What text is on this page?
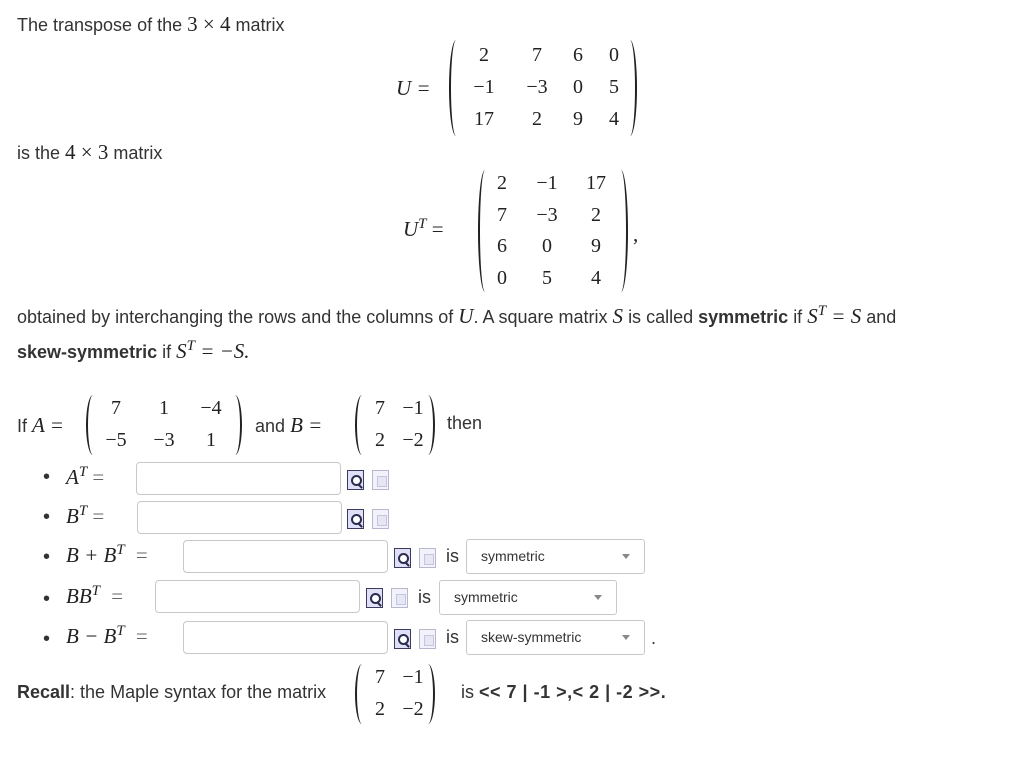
The transpose of the 3 × 4 matrix
U =
2 7 6 0
−1 −3 0 5
17 2 9 4
is the 4 × 3 matrix
$U^T$ =
2 −1 17
7 −3 2
6 0 9
0 5 4
,
obtained by interchanging the rows and the columns of U. A square matrix S is called symmetric if $S^T = S$ and
skew-symmetric if $S^T = -S$.
If A =
7 1 −4
−5 −3 1
and B =
7 −1
2 −2
then
• $A^T$ =
• $B^T$ =
• $B + B^T$ =	is	symmetric
• $BB^T$ =	is	symmetric
• $B - B^T$ =	is	skew-symmetric	.
Recall: the Maple syntax for the matrix
7 −1
2 −2
is << 7 | -1 >,< 2 | -2 >>.
